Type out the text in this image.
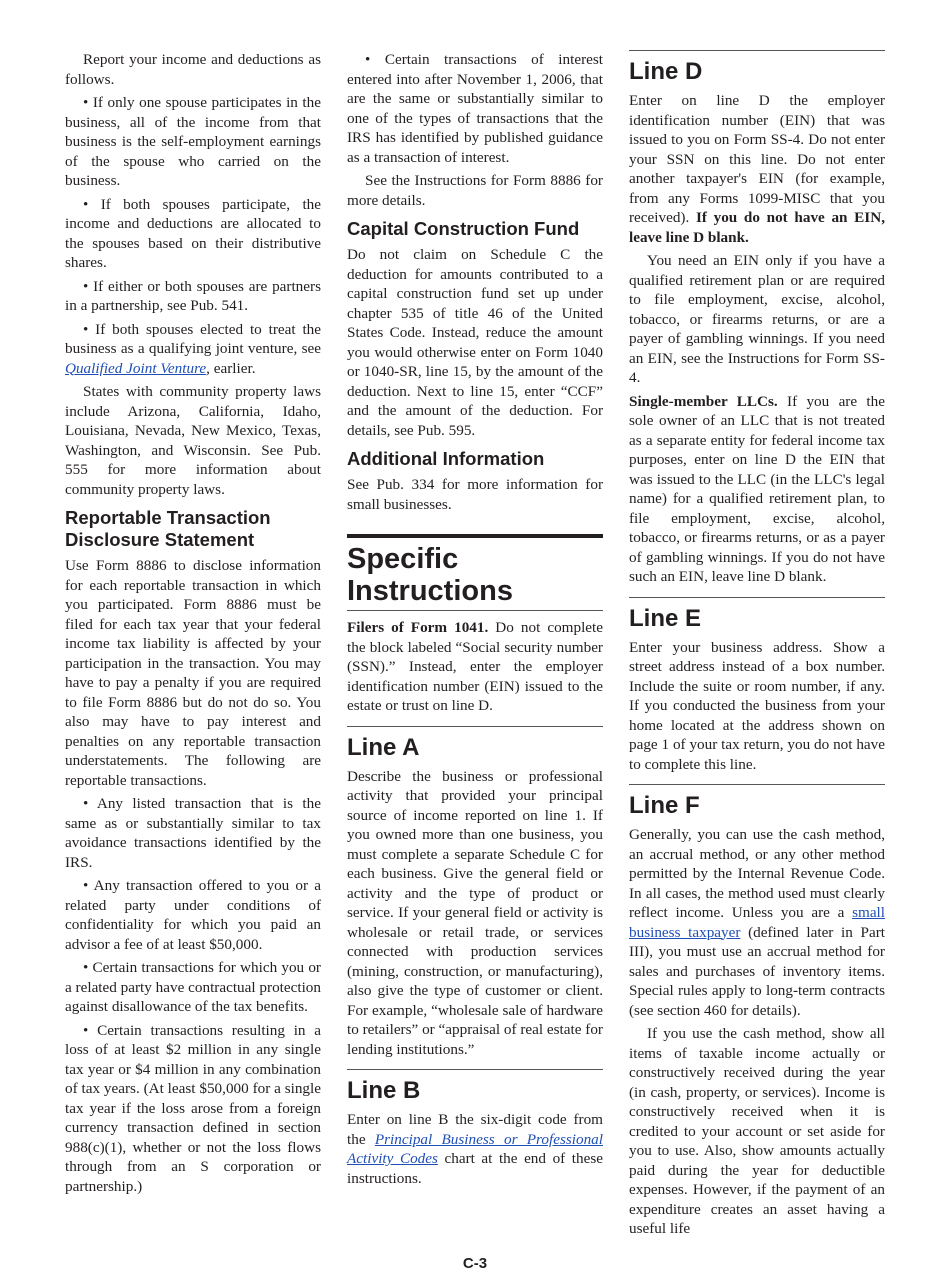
Report your income and deductions as follows.
• If only one spouse participates in the business, all of the income from that business is the self-employment earnings of the spouse who carried on the business.
• If both spouses participate, the income and deductions are allocated to the spouses based on their distributive shares.
• If either or both spouses are partners in a partnership, see Pub. 541.
• If both spouses elected to treat the business as a qualifying joint venture, see Qualified Joint Venture, earlier.
States with community property laws include Arizona, California, Idaho, Louisiana, Nevada, New Mexico, Texas, Washington, and Wisconsin. See Pub. 555 for more information about community property laws.
Reportable Transaction Disclosure Statement
Use Form 8886 to disclose information for each reportable transaction in which you participated. Form 8886 must be filed for each tax year that your federal income tax liability is affected by your participation in the transaction. You may have to pay a penalty if you are required to file Form 8886 but do not do so. You also may have to pay interest and penalties on any reportable transaction understatements. The following are reportable transactions.
• Any listed transaction that is the same as or substantially similar to tax avoidance transactions identified by the IRS.
• Any transaction offered to you or a related party under conditions of confidentiality for which you paid an advisor a fee of at least $50,000.
• Certain transactions for which you or a related party have contractual protection against disallowance of the tax benefits.
• Certain transactions resulting in a loss of at least $2 million in any single tax year or $4 million in any combination of tax years. (At least $50,000 for a single tax year if the loss arose from a foreign currency transaction defined in section 988(c)(1), whether or not the loss flows through from an S corporation or partnership.)
• Certain transactions of interest entered into after November 1, 2006, that are the same or substantially similar to one of the types of transactions that the IRS has identified by published guidance as a transaction of interest.
See the Instructions for Form 8886 for more details.
Capital Construction Fund
Do not claim on Schedule C the deduction for amounts contributed to a capital construction fund set up under chapter 535 of title 46 of the United States Code. Instead, reduce the amount you would otherwise enter on Form 1040 or 1040-SR, line 15, by the amount of the deduction. Next to line 15, enter “CCF” and the amount of the deduction. For details, see Pub. 595.
Additional Information
See Pub. 334 for more information for small businesses.
Specific Instructions
Filers of Form 1041. Do not complete the block labeled “Social security number (SSN).” Instead, enter the employer identification number (EIN) issued to the estate or trust on line D.
Line A
Describe the business or professional activity that provided your principal source of income reported on line 1. If you owned more than one business, you must complete a separate Schedule C for each business. Give the general field or activity and the type of product or service. If your general field or activity is wholesale or retail trade, or services connected with production services (mining, construction, or manufacturing), also give the type of customer or client. For example, “wholesale sale of hardware to retailers” or “appraisal of real estate for lending institutions.”
Line B
Enter on line B the six-digit code from the Principal Business or Professional Activity Codes chart at the end of these instructions.
Line D
Enter on line D the employer identification number (EIN) that was issued to you on Form SS-4. Do not enter your SSN on this line. Do not enter another taxpayer's EIN (for example, from any Forms 1099-MISC that you received). If you do not have an EIN, leave line D blank.
You need an EIN only if you have a qualified retirement plan or are required to file employment, excise, alcohol, tobacco, or firearms returns, or are a payer of gambling winnings. If you need an EIN, see the Instructions for Form SS-4.
Single-member LLCs. If you are the sole owner of an LLC that is not treated as a separate entity for federal income tax purposes, enter on line D the EIN that was issued to the LLC (in the LLC's legal name) for a qualified retirement plan, to file employment, excise, alcohol, tobacco, or firearms returns, or as a payer of gambling winnings. If you do not have such an EIN, leave line D blank.
Line E
Enter your business address. Show a street address instead of a box number. Include the suite or room number, if any. If you conducted the business from your home located at the address shown on page 1 of your tax return, you do not have to complete this line.
Line F
Generally, you can use the cash method, an accrual method, or any other method permitted by the Internal Revenue Code. In all cases, the method used must clearly reflect income. Unless you are a small business taxpayer (defined later in Part III), you must use an accrual method for sales and purchases of inventory items. Special rules apply to long-term contracts (see section 460 for details).
If you use the cash method, show all items of taxable income actually or constructively received during the year (in cash, property, or services). Income is constructively received when it is credited to your account or set aside for you to use. Also, show amounts actually paid during the year for deductible expenses. However, if the payment of an expenditure creates an asset having a useful life
C-3
